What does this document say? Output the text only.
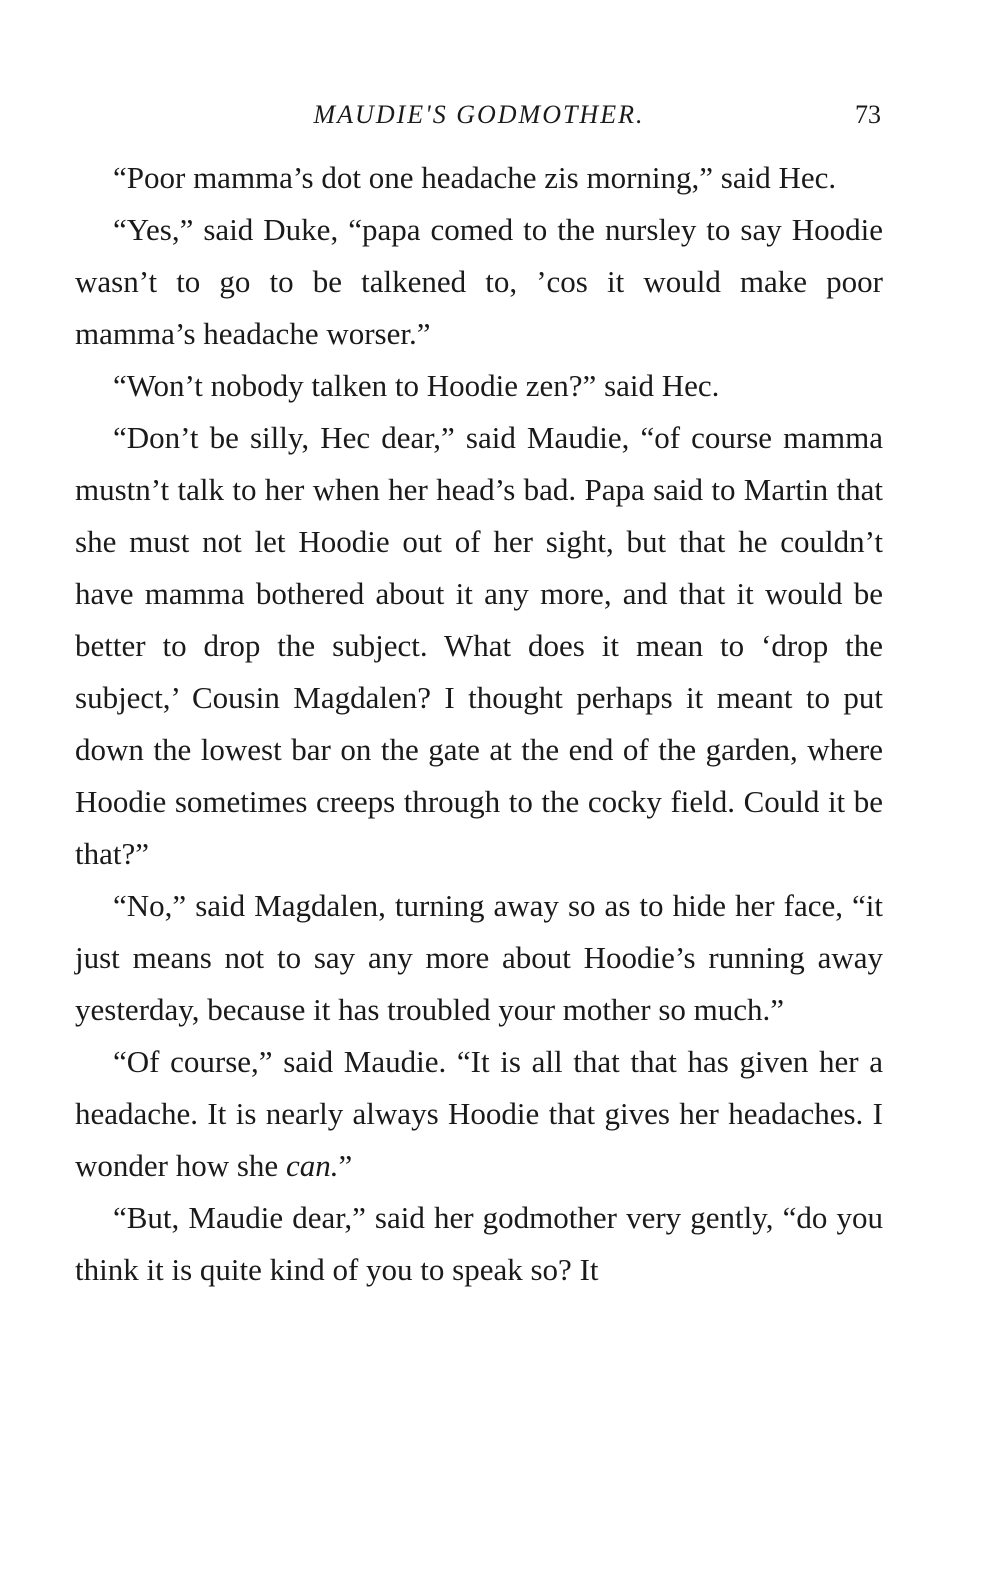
MAUDIE'S GODMOTHER.	73

“Poor mamma’s dot one headache zis morning,” said Hec.

“Yes,” said Duke, “papa comed to the nursley to say Hoodie wasn’t to go to be talkened to, ’cos it would make poor mamma’s headache worser.”

“Won’t nobody talken to Hoodie zen?” said Hec.

“Don’t be silly, Hec dear,” said Maudie, “of course mamma mustn’t talk to her when her head’s bad. Papa said to Martin that she must not let Hoodie out of her sight, but that he couldn’t have mamma bothered about it any more, and that it would be better to drop the subject. What does it mean to ‘drop the subject,’ Cousin Magdalen? I thought perhaps it meant to put down the lowest bar on the gate at the end of the garden, where Hoodie sometimes creeps through to the cocky field. Could it be that?”

“No,” said Magdalen, turning away so as to hide her face, “it just means not to say any more about Hoodie’s running away yesterday, because it has troubled your mother so much.”

“Of course,” said Maudie. “It is all that that has given her a headache. It is nearly always Hoodie that gives her headaches. I wonder how she can.”

“But, Maudie dear,” said her godmother very gently, “do you think it is quite kind of you to speak so? It
